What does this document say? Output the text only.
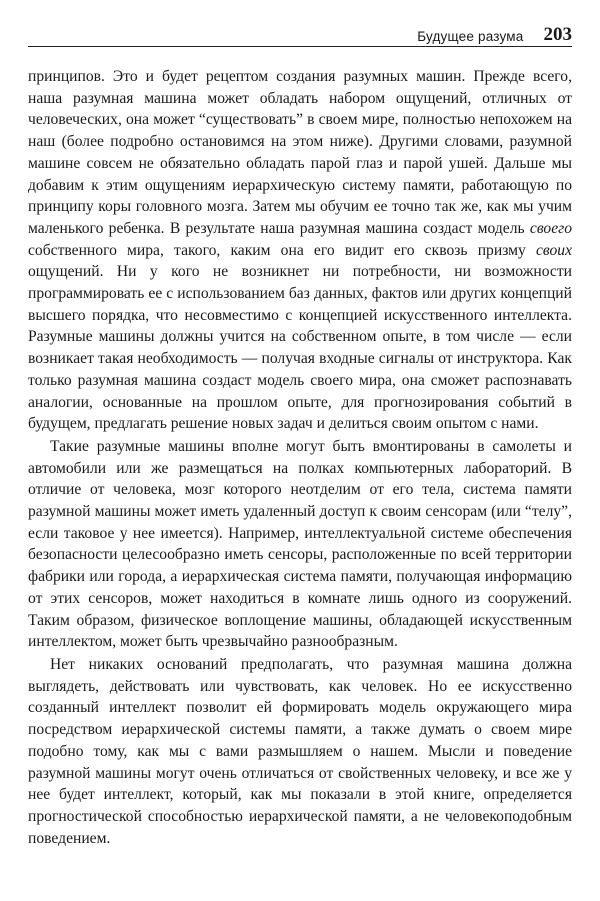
Будущее разума 203

принципов. Это и будет рецептом создания разумных машин. Прежде всего, наша разумная машина может обладать набором ощущений, отличных от человеческих, она может “существовать” в своем мире, полностью непохожем на наш (более подробно остановимся на этом ниже). Другими словами, разумной машине совсем не обязательно обладать парой глаз и парой ушей. Дальше мы добавим к этим ощущениям иерархическую систему памяти, работающую по принципу коры головного мозга. Затем мы обучим ее точно так же, как мы учим маленького ребенка. В результате наша разумная машина создаст модель своего собственного мира, такого, каким она его видит его сквозь призму своих ощущений. Ни у кого не возникнет ни потребности, ни возможности программировать ее с использованием баз данных, фактов или других концепций высшего порядка, что несовместимо с концепцией искусственного интеллекта. Разумные машины должны учится на собственном опыте, в том числе — если возникает такая необходимость — получая входные сигналы от инструктора. Как только разумная машина создаст модель своего мира, она сможет распознавать аналогии, основанные на прошлом опыте, для прогнозирования событий в будущем, предлагать решение новых задач и делиться своим опытом с нами.

Такие разумные машины вполне могут быть вмонтированы в самолеты и автомобили или же размещаться на полках компьютерных лабораторий. В отличие от человека, мозг которого неотделим от его тела, система памяти разумной машины может иметь удаленный доступ к своим сенсорам (или “телу”, если таковое у нее имеется). Например, интеллектуальной системе обеспечения безопасности целесообразно иметь сенсоры, расположенные по всей территории фабрики или города, а иерархическая система памяти, получающая информацию от этих сенсоров, может находиться в комнате лишь одного из сооружений. Таким образом, физическое воплощение машины, обладающей искусственным интеллектом, может быть чрезвычайно разнообразным.

Нет никаких оснований предполагать, что разумная машина должна выглядеть, действовать или чувствовать, как человек. Но ее искусственно созданный интеллект позволит ей формировать модель окружающего мира посредством иерархической системы памяти, а также думать о своем мире подобно тому, как мы с вами размышляем о нашем. Мысли и поведение разумной машины могут очень отличаться от свойственных человеку, и все же у нее будет интеллект, который, как мы показали в этой книге, определяется прогностической способностью иерархической памяти, а не человекоподобным поведением.
